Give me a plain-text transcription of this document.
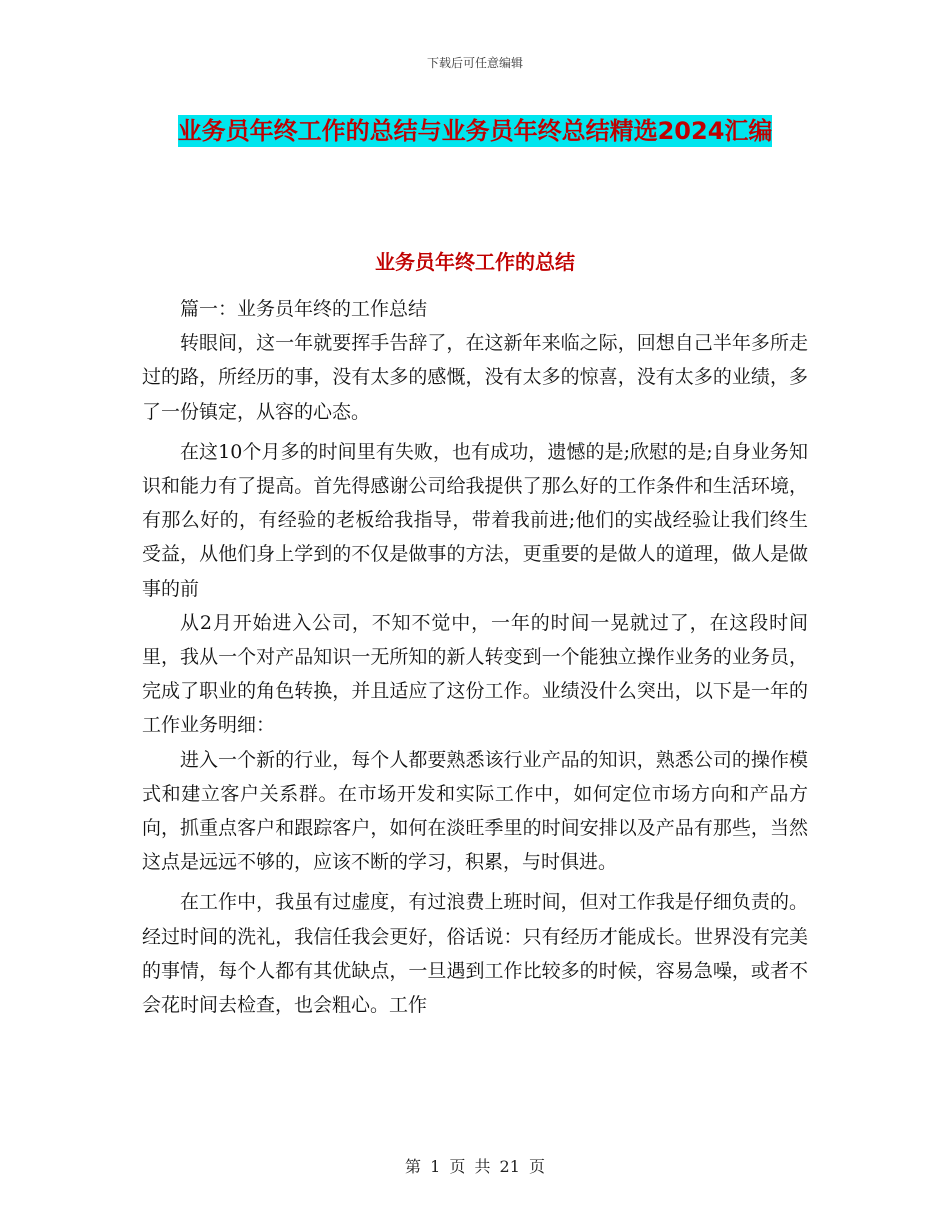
下载后可任意编辑
业务员年终工作的总结与业务员年终总结精选2024汇编
业务员年终工作的总结

篇一：业务员年终的工作总结

转眼间，这一年就要挥手告辞了，在这新年来临之际，回想自己半年多所走过的路，所经历的事，没有太多的感慨，没有太多的惊喜，没有太多的业绩，多了一份镇定，从容的心态。

在这10个月多的时间里有失败，也有成功，遗憾的是;欣慰的是;自身业务知识和能力有了提高。首先得感谢公司给我提供了那么好的工作条件和生活环境，有那么好的，有经验的老板给我指导，带着我前进;他们的实战经验让我们终生受益，从他们身上学到的不仅是做事的方法，更重要的是做人的道理，做人是做事的前

从2月开始进入公司，不知不觉中，一年的时间一晃就过了，在这段时间里，我从一个对产品知识一无所知的新人转变到一个能独立操作业务的业务员，完成了职业的角色转换，并且适应了这份工作。业绩没什么突出，以下是一年的工作业务明细：

进入一个新的行业，每个人都要熟悉该行业产品的知识，熟悉公司的操作模式和建立客户关系群。在市场开发和实际工作中，如何定位市场方向和产品方向，抓重点客户和跟踪客户，如何在淡旺季里的时间安排以及产品有那些，当然这点是远远不够的，应该不断的学习，积累，与时俱进。

在工作中，我虽有过虚度，有过浪费上班时间，但对工作我是仔细负责的。经过时间的洗礼，我信任我会更好，俗话说：只有经历才能成长。世界没有完美的事情，每个人都有其优缺点，一旦遇到工作比较多的时候，容易急噪，或者不会花时间去检查，也会粗心。工作

第 1 页 共 21 页
